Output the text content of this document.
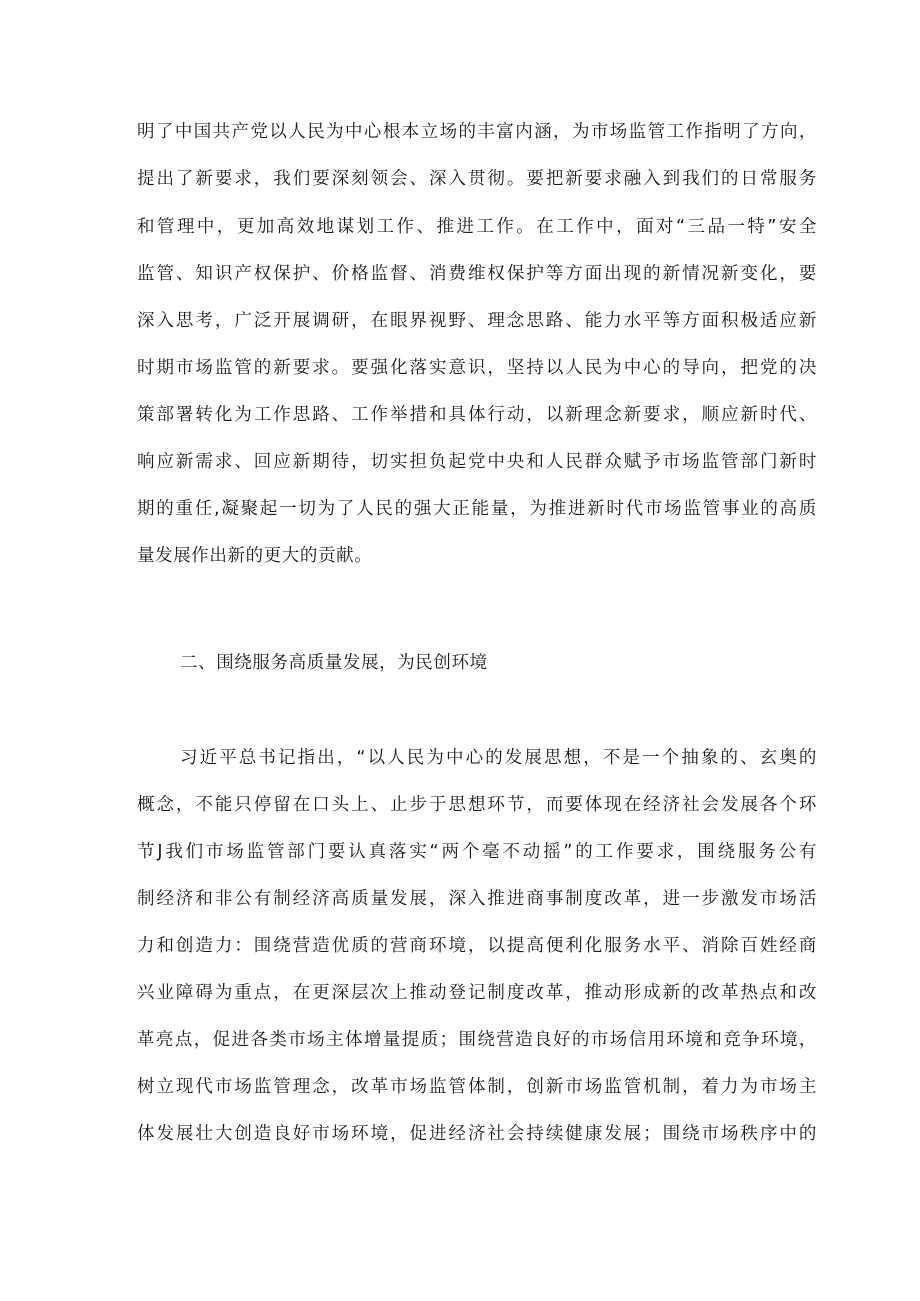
明了中国共产党以人民为中心根本立场的丰富内涵，为市场监管工作指明了方向，
提出了新要求，我们要深刻领会、深入贯彻。要把新要求融入到我们的日常服务
和管理中，更加高效地谋划工作、推进工作。在工作中，面对“三品一特”安全
监管、知识产权保护、价格监督、消费维权保护等方面出现的新情况新变化，要
深入思考，广泛开展调研，在眼界视野、理念思路、能力水平等方面积极适应新
时期市场监管的新要求。要强化落实意识，坚持以人民为中心的导向，把党的决
策部署转化为工作思路、工作举措和具体行动，以新理念新要求，顺应新时代、
响应新需求、回应新期待，切实担负起党中央和人民群众赋予市场监管部门新时
期的重任,凝聚起一切为了人民的强大正能量，为推进新时代市场监管事业的高质
量发展作出新的更大的贡献。
二、围绕服务高质量发展，为民创环境
习近平总书记指出，“以人民为中心的发展思想，不是一个抽象的、玄奥的
概念，不能只停留在口头上、止步于思想环节，而要体现在经济社会发展各个环
节J我们市场监管部门要认真落实“两个毫不动摇”的工作要求，围绕服务公有
制经济和非公有制经济高质量发展，深入推进商事制度改革，进一步激发市场活
力和创造力：围绕营造优质的营商环境，以提高便利化服务水平、消除百姓经商
兴业障碍为重点，在更深层次上推动登记制度改革，推动形成新的改革热点和改
革亮点，促进各类市场主体增量提质；围绕营造良好的市场信用环境和竞争环境，
树立现代市场监管理念，改革市场监管体制，创新市场监管机制，着力为市场主
体发展壮大创造良好市场环境，促进经济社会持续健康发展；围绕市场秩序中的
